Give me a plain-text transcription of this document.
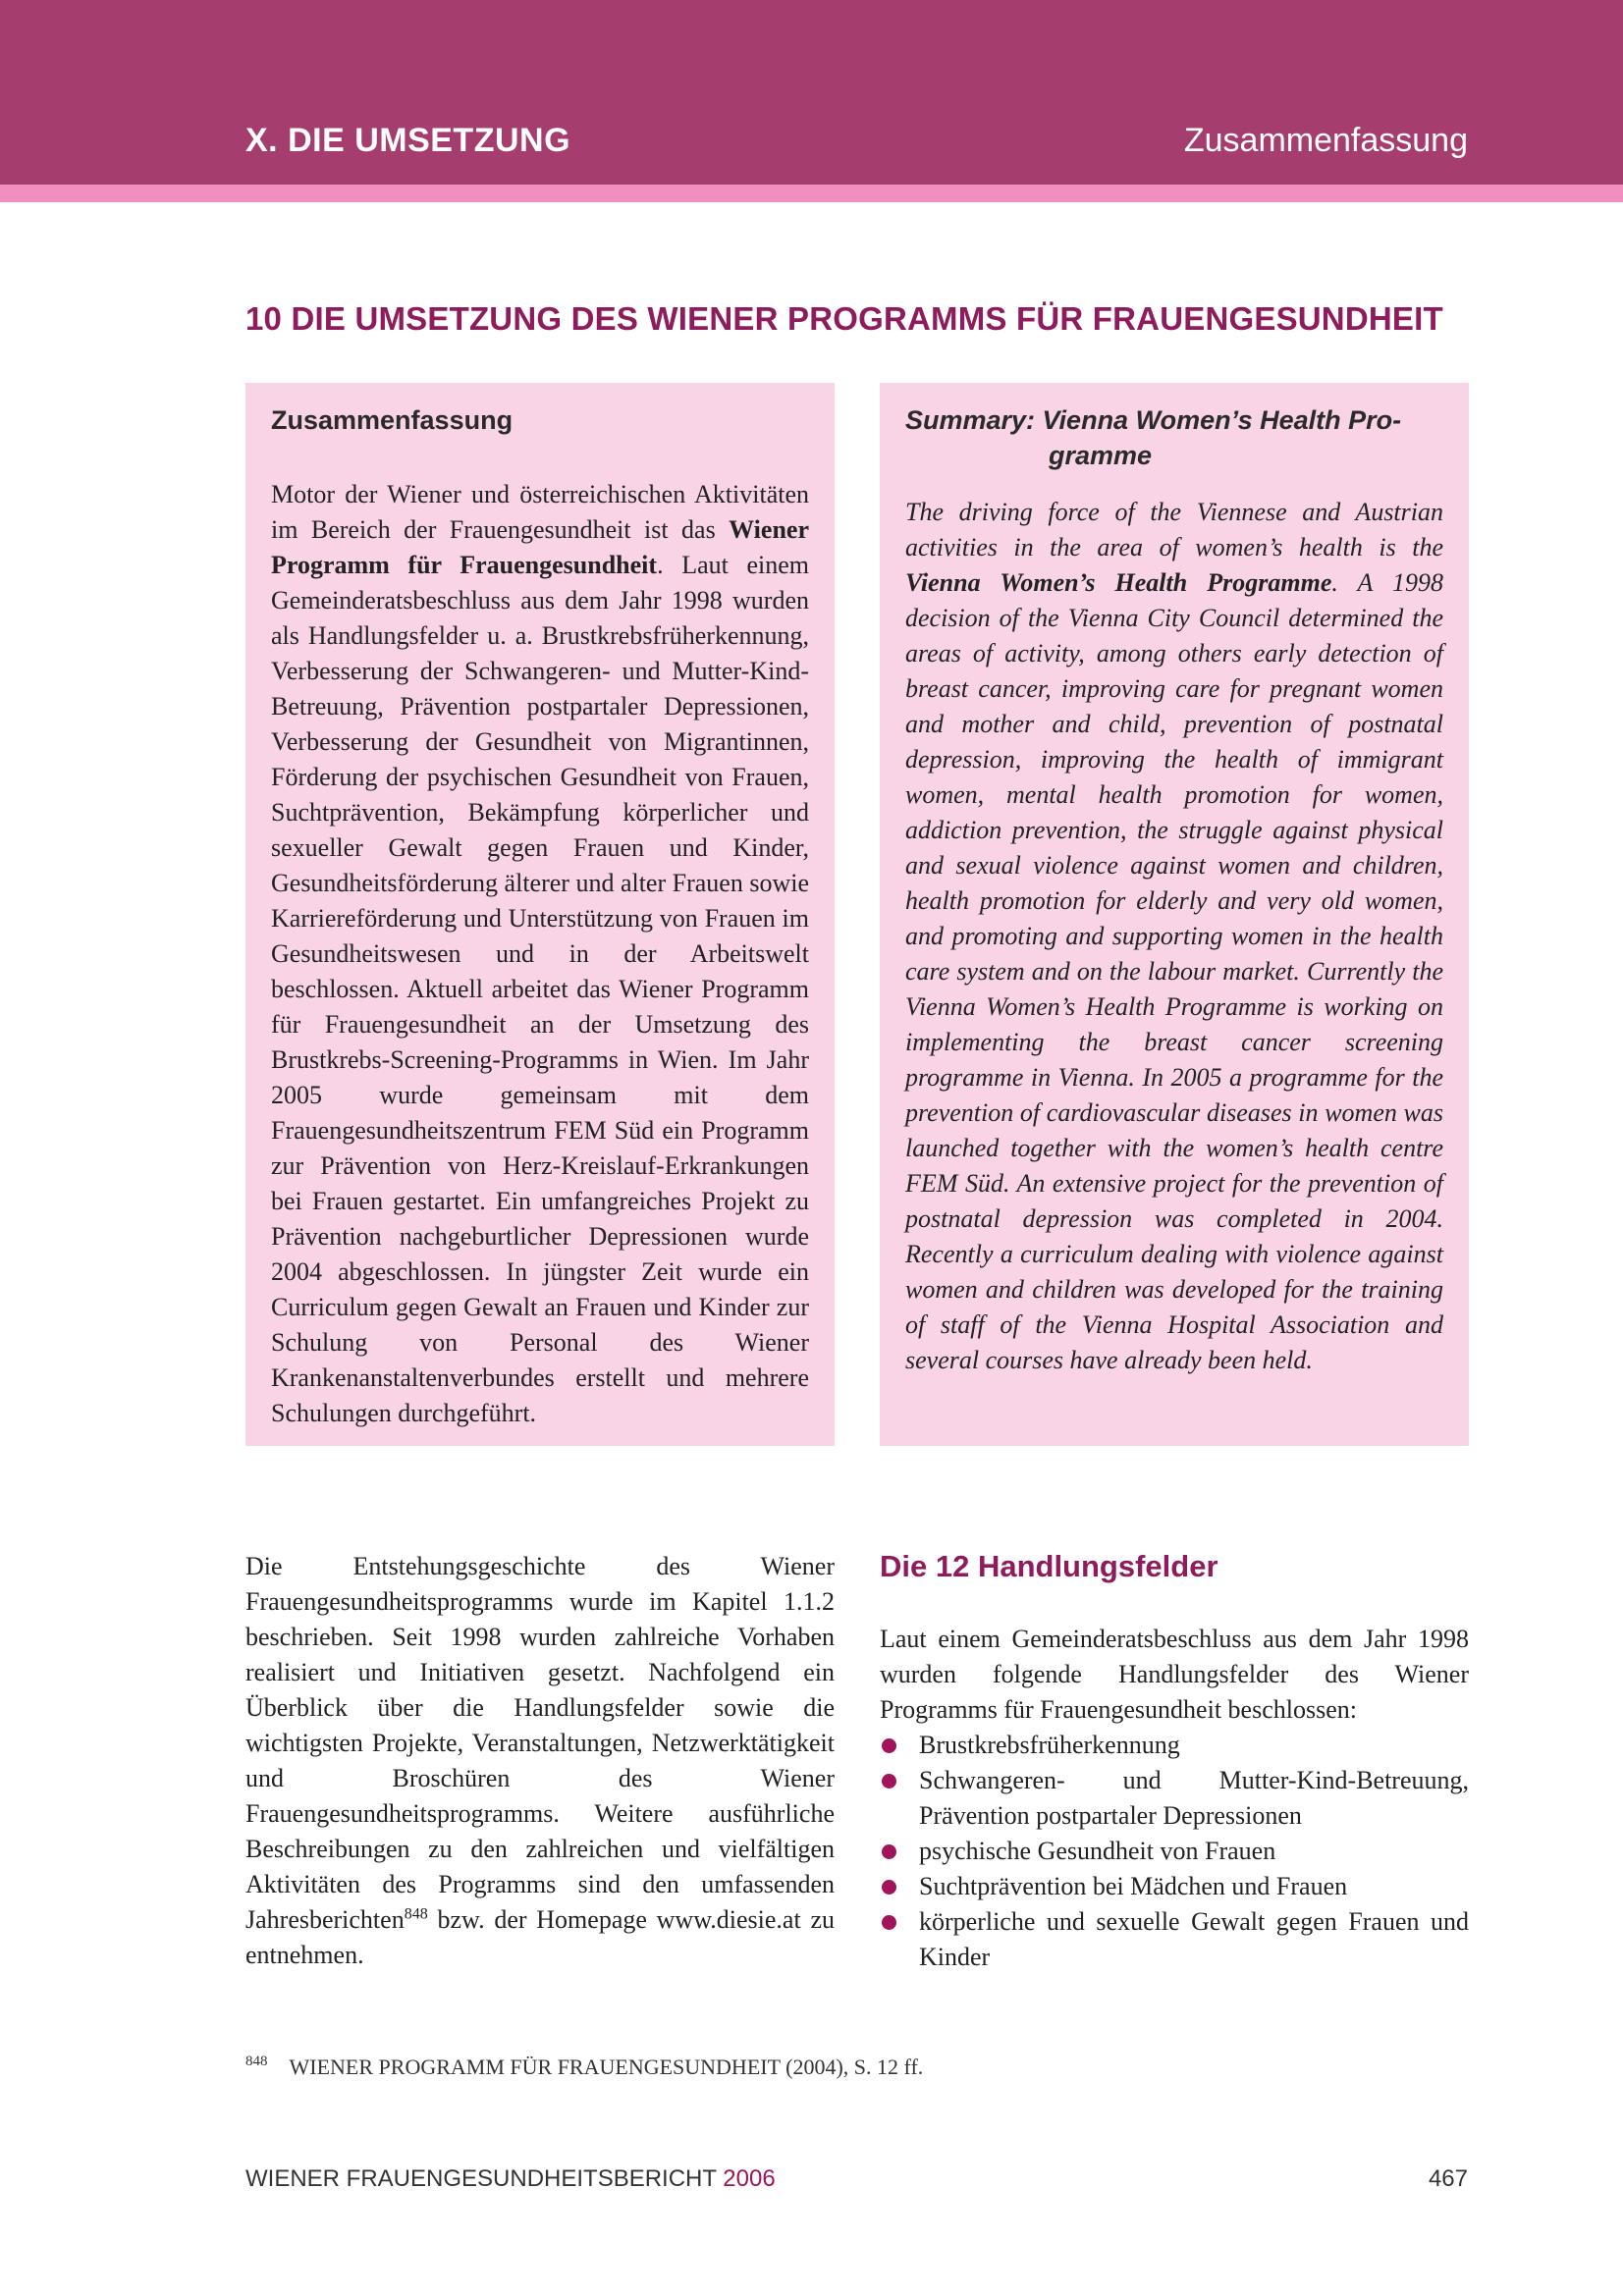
X. DIE UMSETZUNG	Zusammenfassung
10 DIE UMSETZUNG DES WIENER PROGRAMMS FÜR FRAUENGESUNDHEIT
Zusammenfassung
Motor der Wiener und österreichischen Aktivitäten im Bereich der Frauengesundheit ist das Wiener Programm für Frauengesundheit. Laut einem Gemeinderatsbeschluss aus dem Jahr 1998 wurden als Handlungsfelder u. a. Brustkrebsfrüherkennung, Verbesserung der Schwangeren- und Mutter-Kind- Betreuung, Prävention postpartaler Depressionen, Verbesserung der Gesundheit von Migrantinnen, Förderung der psychischen Gesundheit von Frauen, Suchtprävention, Bekämpfung körperlicher und sexueller Gewalt gegen Frauen und Kinder, Gesundheitsförderung älterer und alter Frauen sowie Karriereförderung und Unterstützung von Frauen im Gesundheitswesen und in der Arbeitswelt beschlossen. Aktuell arbeitet das Wiener Programm für Frauengesundheit an der Umsetzung des Brustkrebs-Screening-Programms in Wien. Im Jahr 2005 wurde gemeinsam mit dem Frauengesundheitszentrum FEM Süd ein Programm zur Prävention von Herz-Kreislauf-Erkrankungen bei Frauen gestartet. Ein umfangreiches Projekt zu Prävention nachgeburtlicher Depressionen wurde 2004 abgeschlossen. In jüngster Zeit wurde ein Curriculum gegen Gewalt an Frauen und Kinder zur Schulung von Personal des Wiener Krankenanstaltenverbundes erstellt und mehrere Schulungen durchgeführt.
Summary: Vienna Women’s Health Pro-
gramme
The driving force of the Viennese and Austrian activities in the area of women’s health is the Vienna Women’s Health Programme. A 1998 decision of the Vienna City Council determined the areas of activity, among others early detection of breast cancer, improving care for pregnant women and mother and child, prevention of postnatal depression, improving the health of immigrant women, mental health promotion for women, addiction prevention, the struggle against physical and sexual violence against women and children, health promotion for elderly and very old women, and promoting and supporting women in the health care system and on the labour market. Currently the Vienna Women’s Health Programme is working on implementing the breast cancer screening programme in Vienna. In 2005 a programme for the prevention of cardiovascular diseases in women was launched together with the women’s health centre FEM Süd. An extensive project for the prevention of postnatal depression was completed in 2004. Recently a curriculum dealing with violence against women and children was developed for the training of staff of the Vienna Hospital Association and several courses have already been held.
Die Entstehungsgeschichte des Wiener Frauengesundheitsprogramms wurde im Kapitel 1.1.2 beschrieben. Seit 1998 wurden zahlreiche Vorhaben realisiert und Initiativen gesetzt. Nachfolgend ein Überblick über die Handlungsfelder sowie die wichtigsten Projekte, Veranstaltungen, Netzwerktätigkeit und Broschüren des Wiener Frauengesundheitsprogramms. Weitere ausführliche Beschreibungen zu den zahlreichen und vielfältigen Aktivitäten des Programms sind den umfassenden Jahresberichten$^{848}$ bzw. der Homepage www.diesie.at zu entnehmen.
Die 12 Handlungsfelder
Laut einem Gemeinderatsbeschluss aus dem Jahr 1998 wurden folgende Handlungsfelder des Wiener Programms für Frauengesundheit beschlossen:
Brustkrebsfrüherkennung
Schwangeren- und Mutter-Kind-Betreuung, Prävention postpartaler Depressionen
psychische Gesundheit von Frauen
Suchtprävention bei Mädchen und Frauen
körperliche und sexuelle Gewalt gegen Frauen und Kinder
$^{848}$ WIENER PROGRAMM FÜR FRAUENGESUNDHEIT (2004), S. 12 ff.
WIENER FRAUENGESUNDHEITSBERICHT 2006	467
